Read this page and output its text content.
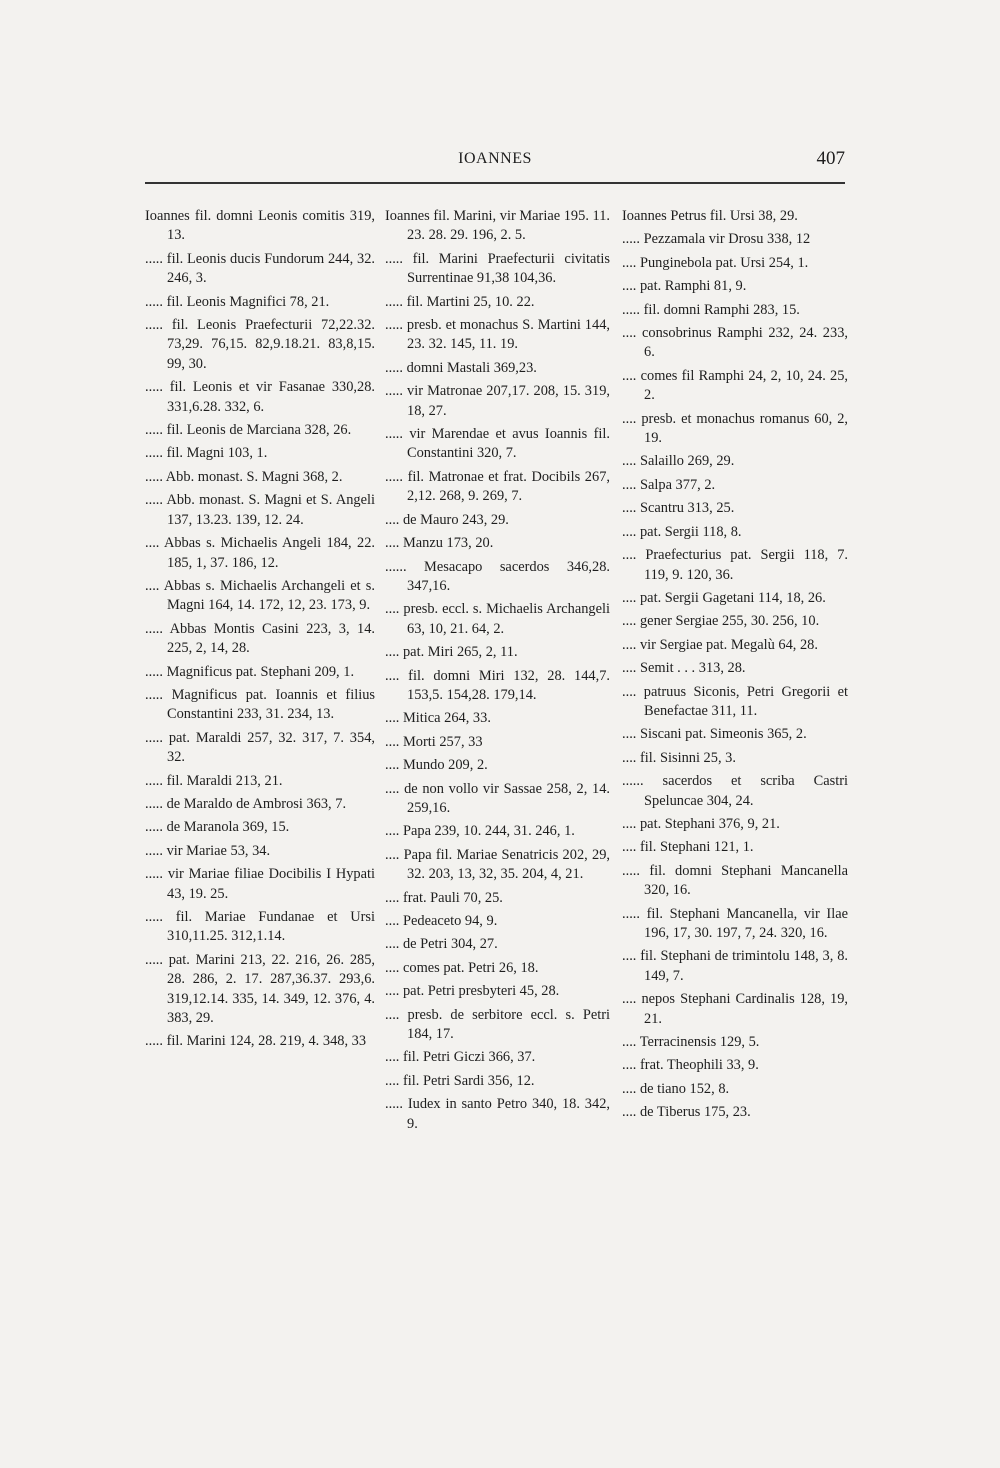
IOANNES	407
Ioannes fil. domni Leonis comitis 319, 13.
..... fil. Leonis ducis Fundorum 244, 32. 246, 3.
..... fil. Leonis Magnifici 78, 21.
..... fil. Leonis Praefecturii 72,22.32. 73,29. 76,15. 82,9.18.21. 83,8,15. 99, 30.
..... fil. Leonis et vir Fasanae 330,28. 331,6.28. 332, 6.
..... fil. Leonis de Marciana 328, 26.
..... fil. Magni 103, 1.
..... Abb. monast. S. Magni 368, 2.
..... Abb. monast. S. Magni et S. Angeli 137, 13.23. 139, 12. 24.
.... Abbas s. Michaelis Angeli 184, 22. 185, 1, 37. 186, 12.
.... Abbas s. Michaelis Archangeli et s. Magni 164, 14. 172, 12, 23. 173, 9.
..... Abbas Montis Casini 223, 3, 14. 225, 2, 14, 28.
..... Magnificus pat. Stephani 209, 1.
..... Magnificus pat. Ioannis et filius Constantini 233, 31. 234, 13.
..... pat. Maraldi 257, 32. 317, 7. 354, 32.
..... fil. Maraldi 213, 21.
..... de Maraldo de Ambrosi 363, 7.
..... de Maranola 369, 15.
..... vir Mariae 53, 34.
..... vir Mariae filiae Docibilis I Hypati 43, 19. 25.
..... fil. Mariae Fundanae et Ursi 310,11.25. 312,1.14.
..... pat. Marini 213, 22. 216, 26. 285, 28. 286, 2. 17. 287,36.37. 293,6. 319,12.14. 335, 14. 349, 12. 376, 4. 383, 29.
..... fil. Marini 124, 28. 219, 4. 348, 33
Ioannes fil. Marini, vir Mariae 195. 11. 23. 28. 29. 196, 2. 5.
..... fil. Marini Praefecturii civitatis Surrentinae 91,38 104,36.
..... fil. Martini 25, 10. 22.
..... presb. et monachus S. Martini 144, 23. 32. 145, 11. 19.
..... domni Mastali 369,23.
..... vir Matronae 207,17. 208, 15. 319, 18, 27.
..... vir Marendae et avus Ioannis fil. Constantini 320, 7.
..... fil. Matronae et frat. Docibils 267, 2,12. 268, 9. 269, 7.
.... de Mauro 243, 29.
.... Manzu 173, 20.
...... Mesacapo sacerdos 346,28. 347,16.
.... presb. eccl. s. Michaelis Archangeli 63, 10, 21. 64, 2.
.... pat. Miri 265, 2, 11.
.... fil. domni Miri 132, 28. 144,7. 153,5. 154,28. 179,14.
.... Mitica 264, 33.
.... Morti 257, 33
.... Mundo 209, 2.
.... de non vollo vir Sassae 258, 2, 14. 259,16.
.... Papa 239, 10. 244, 31. 246, 1.
.... Papa fil. Mariae Senatricis 202, 29, 32. 203, 13, 32, 35. 204, 4, 21.
.... frat. Pauli 70, 25.
.... Pedeaceto 94, 9.
.... de Petri 304, 27.
.... comes pat. Petri 26, 18.
.... pat. Petri presbyteri 45, 28.
.... presb. de serbitore eccl. s. Petri 184, 17.
.... fil. Petri Giczi 366, 37.
.... fil. Petri Sardi 356, 12.
..... Iudex in santo Petro 340, 18. 342, 9.
Ioannes Petrus fil. Ursi 38, 29.
..... Pezzamala vir Drosu 338, 12
.... Punginebola pat. Ursi 254, 1.
.... pat. Ramphi 81, 9.
..... fil. domni Ramphi 283, 15.
.... consobrinus Ramphi 232, 24. 233, 6.
.... comes fil Ramphi 24, 2, 10, 24. 25, 2.
.... presb. et monachus romanus 60, 2, 19.
.... Salaillo 269, 29.
.... Salpa 377, 2.
.... Scantru 313, 25.
.... pat. Sergii 118, 8.
.... Praefecturius pat. Sergii 118, 7. 119, 9. 120, 36.
.... pat. Sergii Gagetani 114, 18, 26.
.... gener Sergiae 255, 30. 256, 10.
.... vir Sergiae pat. Megalù 64, 28.
.... Semit . . . 313, 28.
.... patruus Siconis, Petri Gregorii et Benefactae 311, 11.
.... Siscani pat. Simeonis 365, 2.
.... fil. Sisinni 25, 3.
...... sacerdos et scriba Castri Speluncae 304, 24.
.... pat. Stephani 376, 9, 21.
.... fil. Stephani 121, 1.
..... fil. domni Stephani Mancanella 320, 16.
..... fil. Stephani Mancanella, vir Ilae 196, 17, 30. 197, 7, 24. 320, 16.
.... fil. Stephani de trimintolu 148, 3, 8. 149, 7.
.... nepos Stephani Cardinalis 128, 19, 21.
.... Terracinensis 129, 5.
.... frat. Theophili 33, 9.
.... de tiano 152, 8.
.... de Tiberus 175, 23.
